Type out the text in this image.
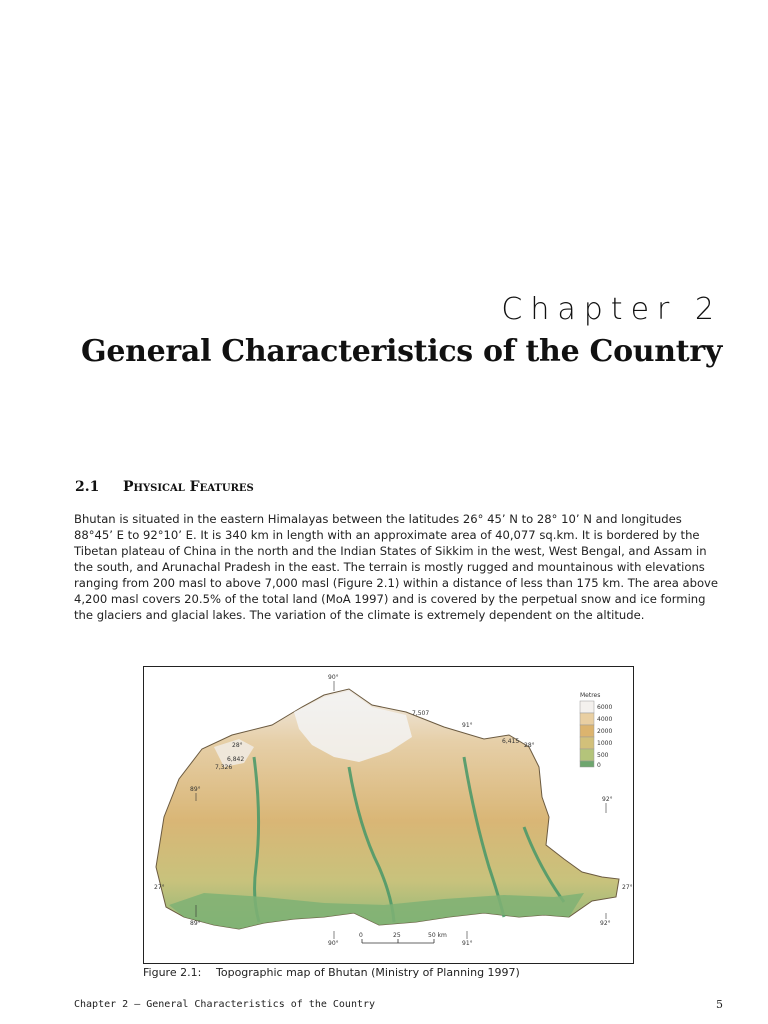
Chapter 2
General Characteristics of the Country
2.1 Physical Features

Bhutan is situated in the eastern Himalayas between the latitudes 26° 45’ N to 28° 10’ N and longitudes 88°45’ E to 92°10’ E. It is 340 km in length with an approximate area of 40,077 sq.km. It is bordered by the Tibetan plateau of China in the north and the Indian States of Sikkim in the west, West Bengal, and Assam in the south, and Arunachal Pradesh in the east. The terrain is mostly rugged and mountainous with elevations ranging from 200 masl to above 7,000 masl (Figure 2.1) within a distance of less than 175 km. The area above 4,200 masl covers 20.5% of the total land (MoA 1997) and is covered by the perpetual snow and ice forming the glaciers and glacial lakes. The variation of the climate is extremely dependent on the altitude.

Metres
6000
4000
2000
1000
500
0
90°
7,507
91°
6,415
28°
28°
6,842
7,326
89°
92°
27°
27°
89°
90°	91°
92°
0	25	50 km
Figure 2.1: Topographic map of Bhutan (Ministry of Planning 1997)
Chapter 2 — General Characteristics of the Country	5
